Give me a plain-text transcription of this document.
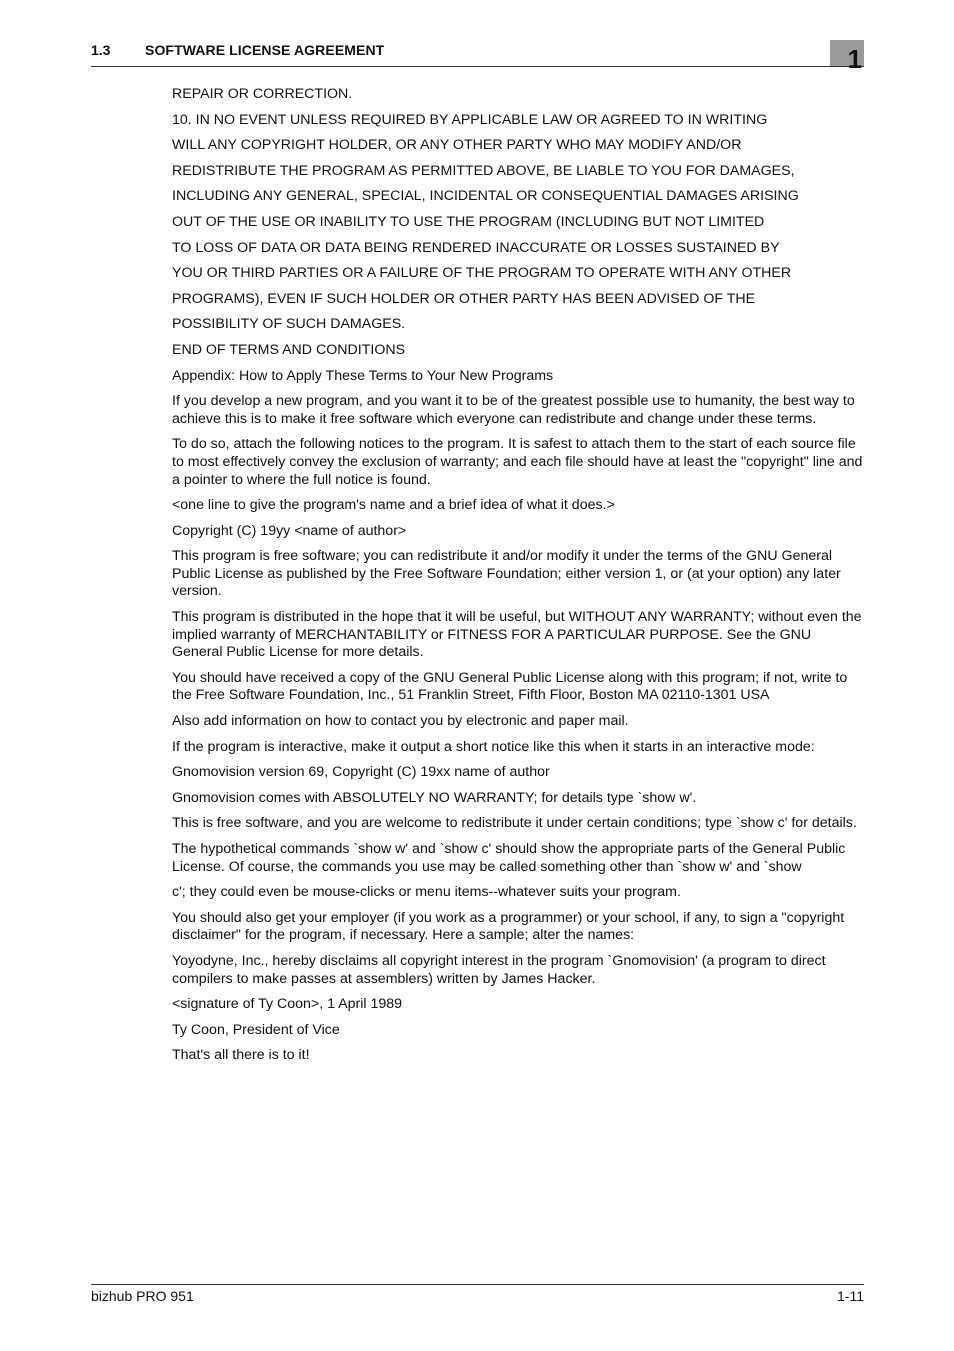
1.3 SOFTWARE LICENSE AGREEMENT	1

REPAIR OR CORRECTION.

10. IN NO EVENT UNLESS REQUIRED BY APPLICABLE LAW OR AGREED TO IN WRITING

WILL ANY COPYRIGHT HOLDER, OR ANY OTHER PARTY WHO MAY MODIFY AND/OR

REDISTRIBUTE THE PROGRAM AS PERMITTED ABOVE, BE LIABLE TO YOU FOR DAMAGES,

INCLUDING ANY GENERAL, SPECIAL, INCIDENTAL OR CONSEQUENTIAL DAMAGES ARISING

OUT OF THE USE OR INABILITY TO USE THE PROGRAM (INCLUDING BUT NOT LIMITED

TO LOSS OF DATA OR DATA BEING RENDERED INACCURATE OR LOSSES SUSTAINED BY

YOU OR THIRD PARTIES OR A FAILURE OF THE PROGRAM TO OPERATE WITH ANY OTHER

PROGRAMS), EVEN IF SUCH HOLDER OR OTHER PARTY HAS BEEN ADVISED OF THE

POSSIBILITY OF SUCH DAMAGES.

END OF TERMS AND CONDITIONS

Appendix: How to Apply These Terms to Your New Programs

If you develop a new program, and you want it to be of the greatest possible use to humanity, the best way to achieve this is to make it free software which everyone can redistribute and change under these terms.

To do so, attach the following notices to the program. It is safest to attach them to the start of each source file to most effectively convey the exclusion of warranty; and each file should have at least the "copyright" line and a pointer to where the full notice is found.

<one line to give the program's name and a brief idea of what it does.>

Copyright (C) 19yy <name of author>

This program is free software; you can redistribute it and/or modify it under the terms of the GNU General Public License as published by the Free Software Foundation; either version 1, or (at your option) any later version.

This program is distributed in the hope that it will be useful, but WITHOUT ANY WARRANTY; without even the implied warranty of MERCHANTABILITY or FITNESS FOR A PARTICULAR PURPOSE. See the GNU General Public License for more details.

You should have received a copy of the GNU General Public License along with this program; if not, write to the Free Software Foundation, Inc., 51 Franklin Street, Fifth Floor, Boston MA 02110-1301 USA

Also add information on how to contact you by electronic and paper mail.

If the program is interactive, make it output a short notice like this when it starts in an interactive mode:

Gnomovision version 69, Copyright (C) 19xx name of author

Gnomovision comes with ABSOLUTELY NO WARRANTY; for details type `show w'.

This is free software, and you are welcome to redistribute it under certain conditions; type `show c' for details.

The hypothetical commands `show w' and `show c' should show the appropriate parts of the General Public License. Of course, the commands you use may be called something other than `show w' and `show

c'; they could even be mouse-clicks or menu items--whatever suits your program.

You should also get your employer (if you work as a programmer) or your school, if any, to sign a "copyright disclaimer" for the program, if necessary. Here a sample; alter the names:

Yoyodyne, Inc., hereby disclaims all copyright interest in the program `Gnomovision' (a program to direct compilers to make passes at assemblers) written by James Hacker.

<signature of Ty Coon>, 1 April 1989

Ty Coon, President of Vice

That's all there is to it!

bizhub PRO 951	1-11
